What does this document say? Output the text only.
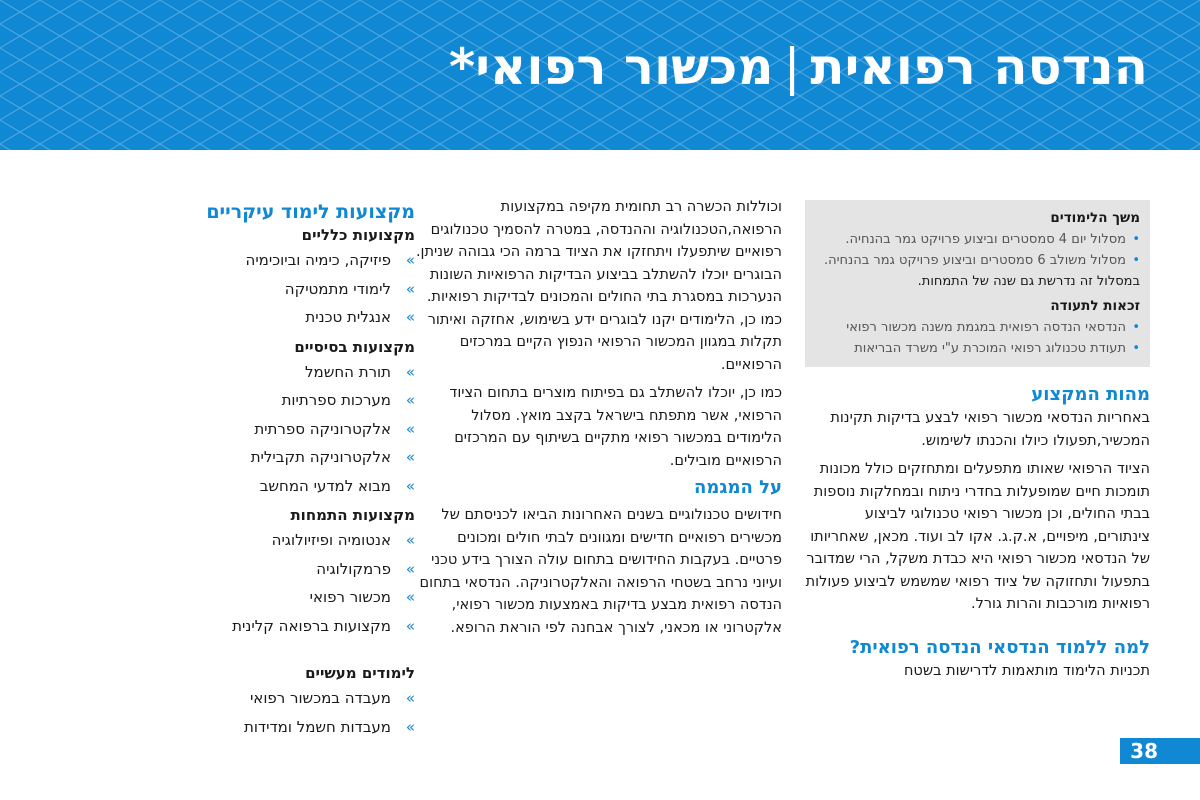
הנדסה רפואית|מכשור רפואי*
משך הלימודים
• מסלול יום 4 סמסטרים וביצוע פרויקט גמר בהנחיה.
• מסלול משולב 6 סמסטרים וביצוע פרויקט גמר בהנחיה.

במסלול זה נדרשת גם שנה של התמחות.

זכאות לתעודה
• הנדסאי הנדסה רפואית במגמת משנה מכשור רפואי
• תעודת טכנולוג רפואי המוכרת ע"י משרד הבריאות
מהות המקצוע

באחריות הנדסאי מכשור רפואי לבצע בדיקות תקינות המכשיר,תפעולו כיולו והכנתו לשימוש.

הציוד הרפואי שאותו מתפעלים ומתחזקים כולל מכונות תומכות חיים שמופעלות בחדרי ניתוח ובמחלקות נוספות בבתי החולים, וכן מכשור רפואי טכנולוגי לביצוע צינתורים, מיפויים, א.ק.ג. אקו לב ועוד. מכאן, שאחריותו של הנדסאי מכשור רפואי היא כבדת משקל, הרי שמדובר בתפעול ותחזוקה של ציוד רפואי שמשמש לביצוע פעולות רפואיות מורכבות והרות גורל.

למה ללמוד הנדסאי הנדסה רפואית?

תכניות הלימוד מותאמות לדרישות בשטח

וכוללות הכשרה רב תחומית מקיפה במקצועות הרפואה,הטכנולוגיה וההנדסה, במטרה להסמיך טכנולוגים רפואיים שיתפעלו ויתחזקו את הציוד ברמה הכי גבוהה שניתן. הבוגרים יוכלו להשתלב בביצוע הבדיקות הרפואיות השונות הנערכות במסגרת בתי החולים והמכונים לבדיקות רפואיות. כמו כן, הלימודים יקנו לבוגרים ידע בשימוש, אחזקה ואיתור תקלות במגוון המכשור הרפואי הנפוץ הקיים במרכזים הרפואיים.

כמו כן, יוכלו להשתלב גם בפיתוח מוצרים בתחום הציוד הרפואי, אשר מתפתח בישראל בקצב מואץ. מסלול הלימודים במכשור רפואי מתקיים בשיתוף עם המרכזים הרפואיים מובילים.

על המגמה

חידושים טכנולוגיים בשנים האחרונות הביאו לכניסתם של מכשירים רפואיים חדישים ומגוונים לבתי חולים ומכונים פרטיים. בעקבות החידושים בתחום עולה הצורך בידע טכני ועיוני נרחב בשטחי הרפואה והאלקטרוניקה. הנדסאי בתחום הנדסה רפואית מבצע בדיקות באמצעות מכשור רפואי, אלקטרוני או מכאני, לצורך אבחנה לפי הוראת הרופא.

מקצועות לימוד עיקריים
מקצועות כלליים
» פיזיקה, כימיה וביוכימיה
» לימודי מתמטיקה
» אנגלית טכנית
מקצועות בסיסיים
» תורת החשמל
» מערכות ספרתיות
» אלקטרוניקה ספרתית
» אלקטרוניקה תקבילית
» מבוא למדעי המחשב
מקצועות התמחות
» אנטומיה ופיזיולוגיה
» פרמקולוגיה
» מכשור רפואי
» מקצועות ברפואה קלינית
לימודים מעשיים
» מעבדה במכשור רפואי
» מעבדות חשמל ומדידות
38
